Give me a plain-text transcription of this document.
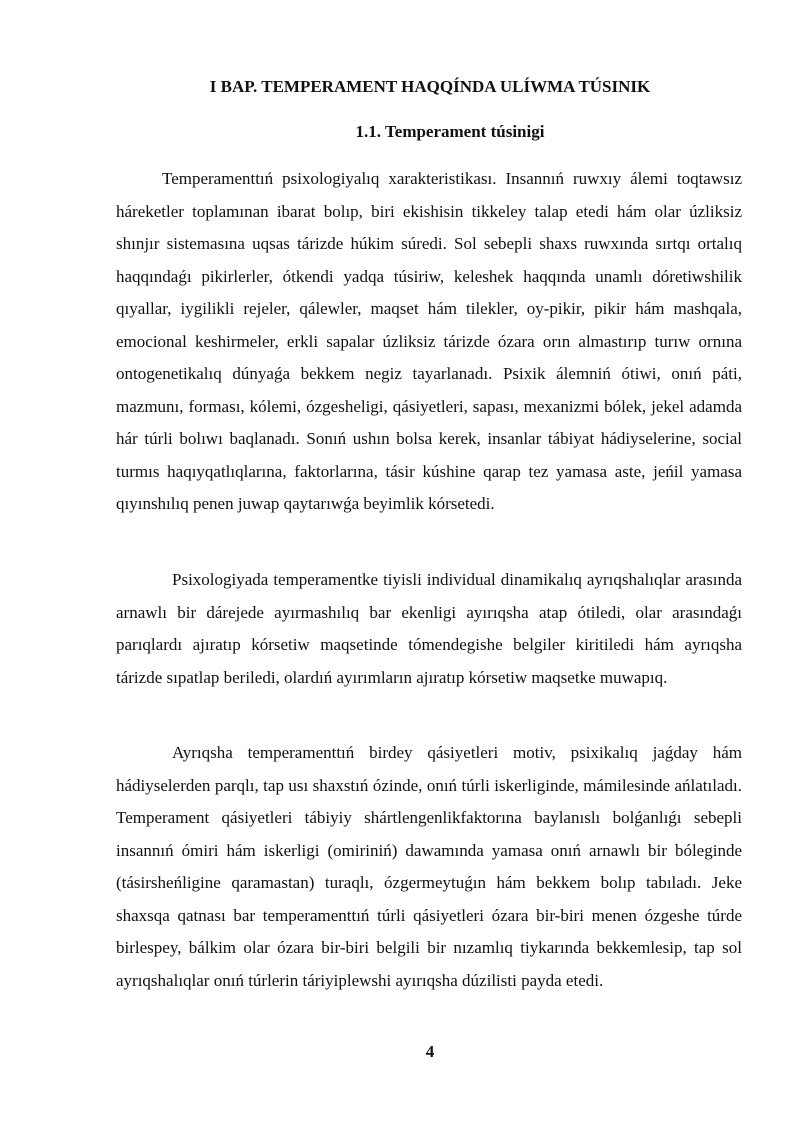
I BAP. TEMPERAMENT HAQQÍNDA ULÍWMA TÚSINIK
1.1. Temperament túsinigi

Temperamenttıń psixologiyalıq xarakteristikası. Insannıń ruwxıy álemi toqtawsız háreketler toplamınan ibarat bolıp, biri ekishisin tikkeley talap etedi hám olar úzliksiz shınjır sistemasına uqsas tárizde húkim súredi. Sol sebepli shaxs ruwxında sırtqı ortalıq haqqındaǵı pikirlerler, ótkendi yadqa túsiriw, keleshek haqqında unamlı dóretiwshilik qıyallar, iygilikli rejeler, qálewler, maqset hám tilekler, oy-pikir, pikir hám mashqala, emocional keshirmeler, erkli sapalar úzliksiz tárizde ózara orın almastırıp turıw ornına ontogenetikalıq dúnyaǵa bekkem negiz tayarlanadı. Psixik álemniń ótiwi, onıń páti, mazmunı, forması, kólemi, ózgesheligi, qásiyetleri, sapası, mexanizmi bólek, jekel adamda hár túrli bolıwı baqlanadı. Sonıń ushın bolsa kerek, insanlar tábiyat hádiyselerine, social turmıs haqıyqatlıqlarına, faktorlarına, tásir kúshine qarap tez yamasa aste, jeńil yamasa qıyınshılıq penen juwap qaytarıwǵa beyimlik kórsetedi.

Psixologiyada temperamentke tiyisli individual dinamikalıq ayrıqshalıqlar arasında arnawlı bir dárejede ayırmashılıq bar ekenligi ayırıqsha atap ótiledi, olar arasındaǵı parıqlardı ajıratıp kórsetiw maqsetinde tómendegishe belgiler kiritiledi hám ayrıqsha tárizde sıpatlap beriledi, olardıń ayırımların ajıratıp kórsetiw maqsetke muwapıq.

Ayrıqsha temperamenttıń birdey qásiyetleri motiv, psixikalıq jaǵday hám hádiyselerden parqlı, tap usı shaxstıń ózinde, onıń túrli iskerliginde, mámilesinde ańlatıladı. Temperament qásiyetleri tábiyiy shártlengenlikfaktorına baylanıslı bolǵanlıǵı sebepli insannıń ómiri hám iskerligi (omiriniń) dawamında yamasa onıń arnawlı bir bóleginde (tásirsheńligine qaramastan) turaqlı, ózgermeytuǵın hám bekkem bolıp tabıladı. Jeke shaxsqa qatnası bar temperamenttıń túrli qásiyetleri ózara bir-biri menen ózgeshe túrde birlespey, bálkim olar ózara bir-biri belgili bir nızamlıq tiykarında bekkemlesip, tap sol ayrıqshalıqlar onıń túrlerin táriyiplewshi ayırıqsha dúzilisti payda etedi.

4
